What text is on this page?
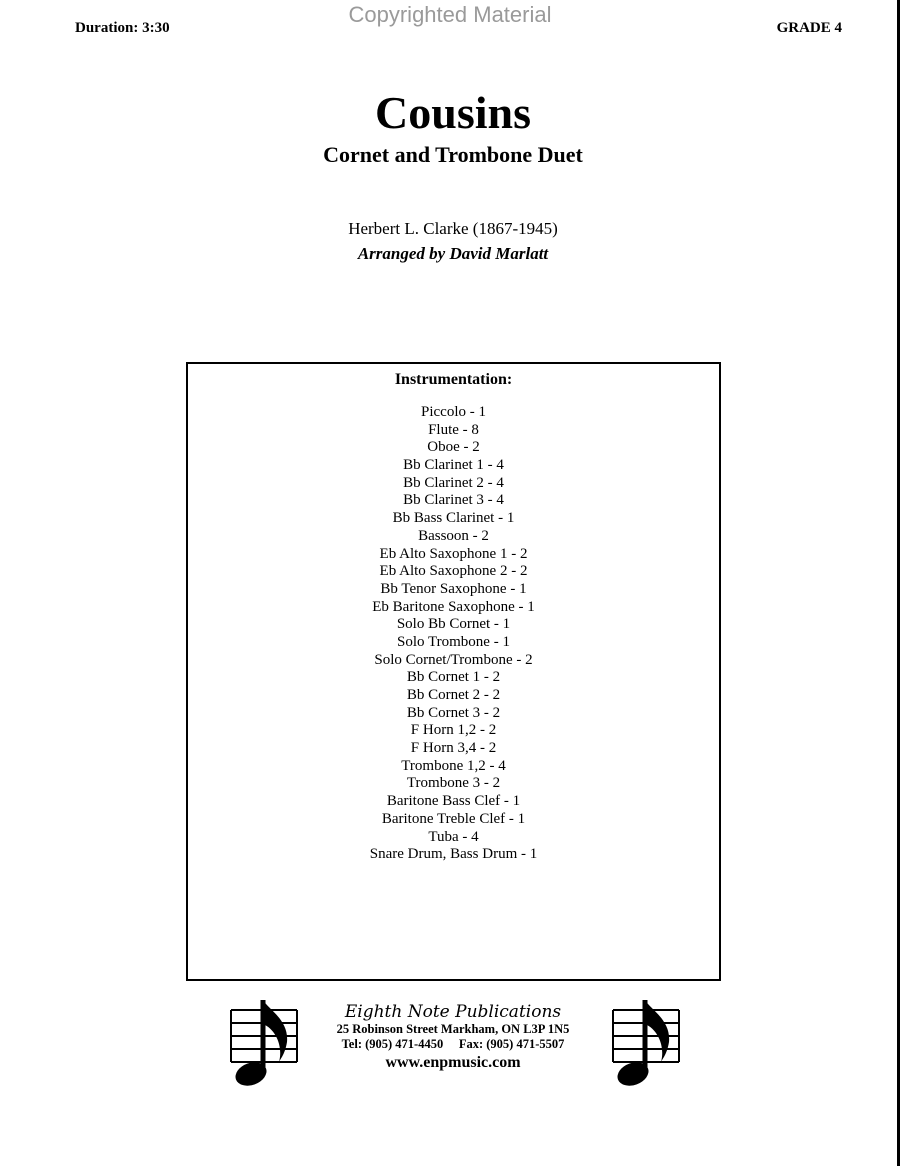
Copyrighted Material
Duration: 3:30	GRADE 4
Cousins
Cornet and Trombone Duet
Herbert L. Clarke (1867-1945)
Arranged by David Marlatt
Instrumentation:
Piccolo - 1
Flute - 8
Oboe - 2
Bb Clarinet 1 - 4
Bb Clarinet 2 - 4
Bb Clarinet 3 - 4
Bb Bass Clarinet - 1
Bassoon - 2
Eb Alto Saxophone 1 - 2
Eb Alto Saxophone 2 - 2
Bb Tenor Saxophone - 1
Eb Baritone Saxophone - 1
Solo Bb Cornet - 1
Solo Trombone - 1
Solo Cornet/Trombone - 2
Bb Cornet 1 - 2
Bb Cornet 2 - 2
Bb Cornet 3 - 2
F Horn 1,2 - 2
F Horn 3,4 - 2
Trombone 1,2 - 4
Trombone 3 - 2
Baritone Bass Clef - 1
Baritone Treble Clef - 1
Tuba - 4
Snare Drum, Bass Drum - 1
Eighth Note Publications
25 Robinson Street Markham, ON L3P 1N5
Tel: (905) 471-4450     Fax: (905) 471-5507
www.enpmusic.com
